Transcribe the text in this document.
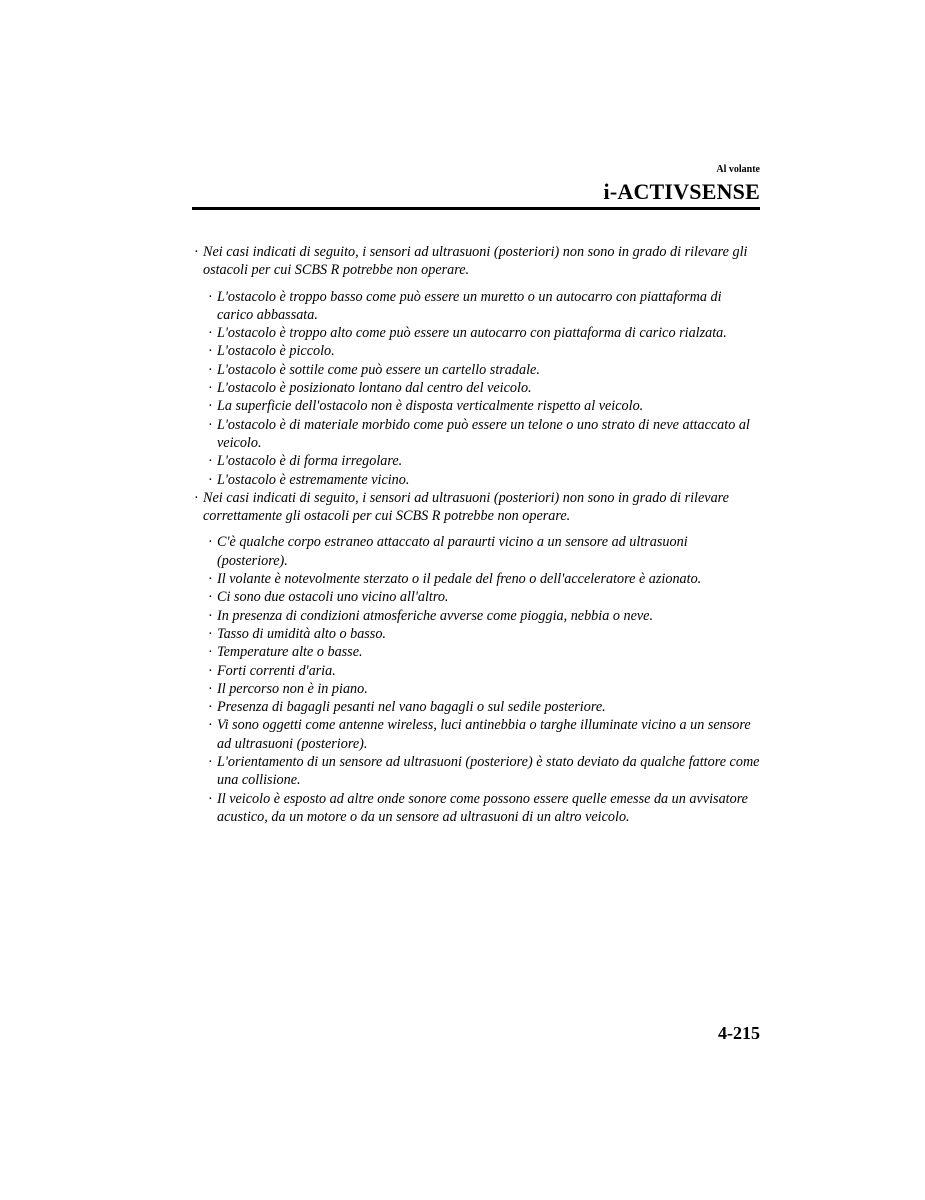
Al volante

i-ACTIVSENSE

· Nei casi indicati di seguito, i sensori ad ultrasuoni (posteriori) non sono in grado di rilevare gli ostacoli per cui SCBS R potrebbe non operare.

· L'ostacolo è troppo basso come può essere un muretto o un autocarro con piattaforma di carico abbassata.
· L'ostacolo è troppo alto come può essere un autocarro con piattaforma di carico rialzata.
· L'ostacolo è piccolo.
· L'ostacolo è sottile come può essere un cartello stradale.
· L'ostacolo è posizionato lontano dal centro del veicolo.
· La superficie dell'ostacolo non è disposta verticalmente rispetto al veicolo.
· L'ostacolo è di materiale morbido come può essere un telone o uno strato di neve attaccato al veicolo.
· L'ostacolo è di forma irregolare.
· L'ostacolo è estremamente vicino.

· Nei casi indicati di seguito, i sensori ad ultrasuoni (posteriori) non sono in grado di rilevare correttamente gli ostacoli per cui SCBS R potrebbe non operare.

· C'è qualche corpo estraneo attaccato al paraurti vicino a un sensore ad ultrasuoni (posteriore).
· Il volante è notevolmente sterzato o il pedale del freno o dell'acceleratore è azionato.
· Ci sono due ostacoli uno vicino all'altro.
· In presenza di condizioni atmosferiche avverse come pioggia, nebbia o neve.
· Tasso di umidità alto o basso.
· Temperature alte o basse.
· Forti correnti d'aria.
· Il percorso non è in piano.
· Presenza di bagagli pesanti nel vano bagagli o sul sedile posteriore.
· Vi sono oggetti come antenne wireless, luci antinebbia o targhe illuminate vicino a un sensore ad ultrasuoni (posteriore).
· L'orientamento di un sensore ad ultrasuoni (posteriore) è stato deviato da qualche fattore come una collisione.
· Il veicolo è esposto ad altre onde sonore come possono essere quelle emesse da un avvisatore acustico, da un motore o da un sensore ad ultrasuoni di un altro veicolo.
4-215
